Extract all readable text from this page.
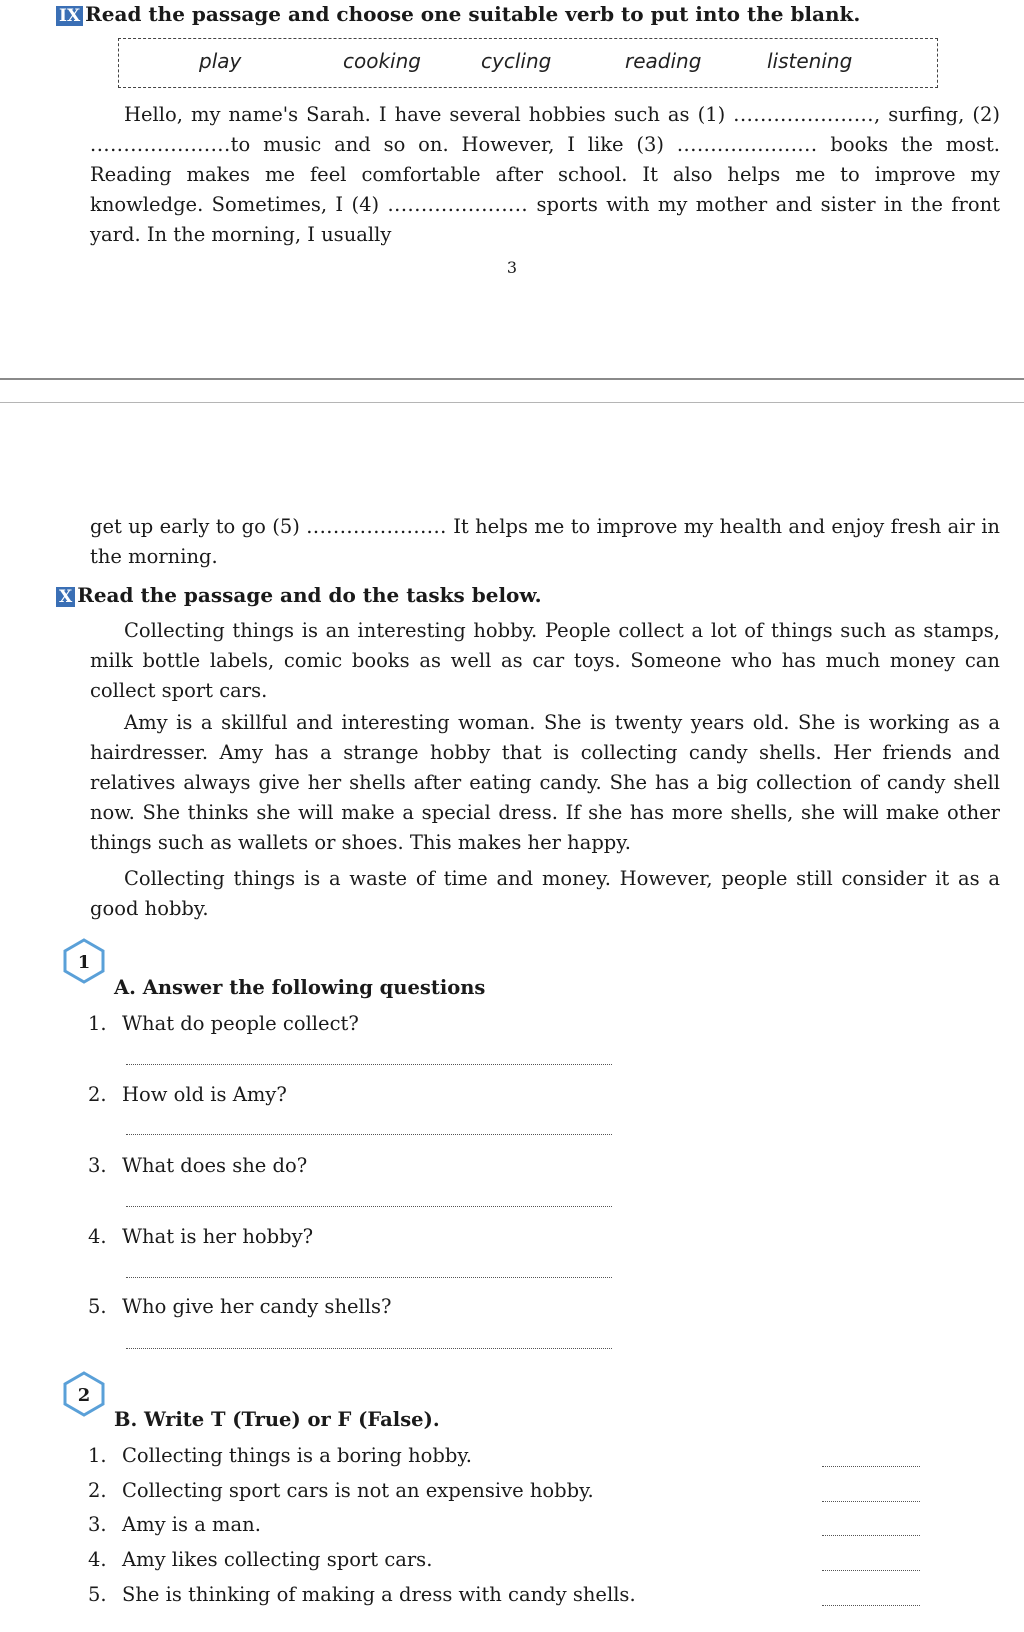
IX Read the passage and choose one suitable verb to put into the blank.
play	cooking	cycling	reading	listening
Hello, my name's Sarah. I have several hobbies such as (1) ....................., surfing, (2) .....................to music and so on. However, I like (3) ..................... books the most. Reading makes me feel comfortable after school. It also helps me to improve my knowledge. Sometimes, I (4) ..................... sports with my mother and sister in the front yard. In the morning, I usually
3
get up early to go (5) ..................... It helps me to improve my health and enjoy fresh air in the morning.
X Read the passage and do the tasks below.
Collecting things is an interesting hobby. People collect a lot of things such as stamps, milk bottle labels, comic books as well as car toys. Someone who has much money can collect sport cars.
Amy is a skillful and interesting woman. She is twenty years old. She is working as a hairdresser. Amy has a strange hobby that is collecting candy shells. Her friends and relatives always give her shells after eating candy. She has a big collection of candy shell now. She thinks she will make a special dress. If she has more shells, she will make other things such as wallets or shoes. This makes her happy.
Collecting things is a waste of time and money. However, people still consider it as a good hobby.
1
A. Answer the following questions
1. What do people collect?
2. How old is Amy?
3. What does she do?
4. What is her hobby?
5. Who give her candy shells?
2
B. Write T (True) or F (False).
1. Collecting things is a boring hobby.
2. Collecting sport cars is not an expensive hobby.
3. Amy is a man.
4. Amy likes collecting sport cars.
5. She is thinking of making a dress with candy shells.
